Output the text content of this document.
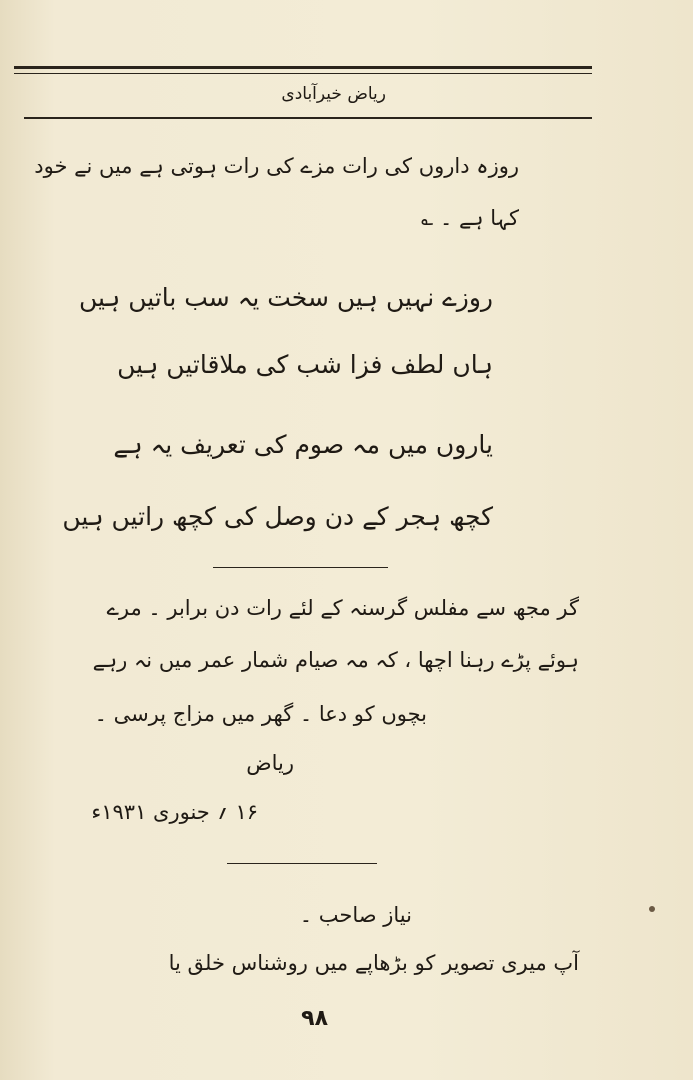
ریاض خیرآبادی
روزہ داروں کی رات مزے کی رات ہوتی ہے میں نے خود
کہا ہے ۔ ؎
روزے نہیں ہیں سخت یہ سب باتیں ہیں
ہاں لطف فزا شب کی ملاقاتیں ہیں
یاروں میں مہ صوم کی تعریف یہ ہے
کچھ ہجر کے دن وصل کی کچھ راتیں ہیں
گر مجھ سے مفلس گرسنہ کے لئے رات دن برابر ۔ مرے
ہوئے پڑے رہنا اچھا ، کہ مہ صیام شمار عمر میں نہ رہے
بچوں کو دعا ۔ گھر میں مزاج پرسی ۔
ریاض
۱۶ ؍ جنوری ۱۹۳۱ء
نیاز صاحب ۔
آپ میری تصویر کو بڑھاپے میں روشناس خلق یا
۹۸
